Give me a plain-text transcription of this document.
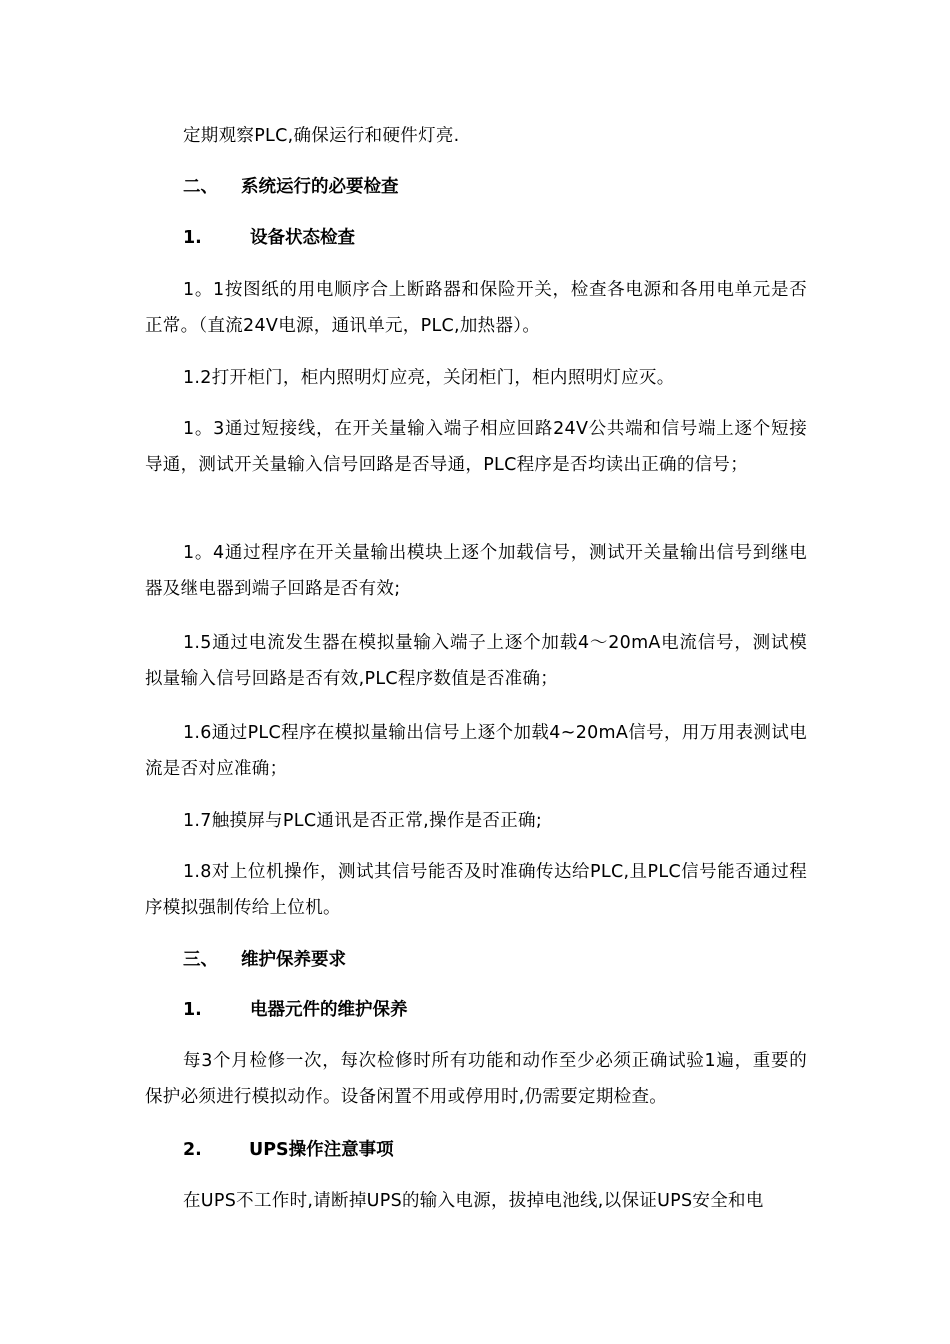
定期观察PLC,确保运行和硬件灯亮.

二、 系统运行的必要检查
1.	设备状态检查

1。1按图纸的用电顺序合上断路器和保险开关，检查各电源和各用电单元是否正常。（直流24V电源，通讯单元，PLC,加热器）。

1.2打开柜门，柜内照明灯应亮，关闭柜门，柜内照明灯应灭。

1。3通过短接线，在开关量输入端子相应回路24V公共端和信号端上逐个短接导通，测试开关量输入信号回路是否导通，PLC程序是否均读出正确的信号；

1。4通过程序在开关量输出模块上逐个加载信号，测试开关量输出信号到继电器及继电器到端子回路是否有效;

1.5通过电流发生器在模拟量输入端子上逐个加载4～20mA电流信号，测试模拟量输入信号回路是否有效,PLC程序数值是否准确；

1.6通过PLC程序在模拟量输出信号上逐个加载4~20mA信号，用万用表测试电流是否对应准确；

1.7触摸屏与PLC通讯是否正常,操作是否正确;

1.8对上位机操作，测试其信号能否及时准确传达给PLC,且PLC信号能否通过程序模拟强制传给上位机。

三、 维护保养要求
1.	电器元件的维护保养

每3个月检修一次，每次检修时所有功能和动作至少必须正确试验1遍，重要的保护必须进行模拟动作。设备闲置不用或停用时,仍需要定期检查。

2.	UPS操作注意事项

在UPS不工作时,请断掉UPS的输入电源，拔掉电池线,以保证UPS安全和电
